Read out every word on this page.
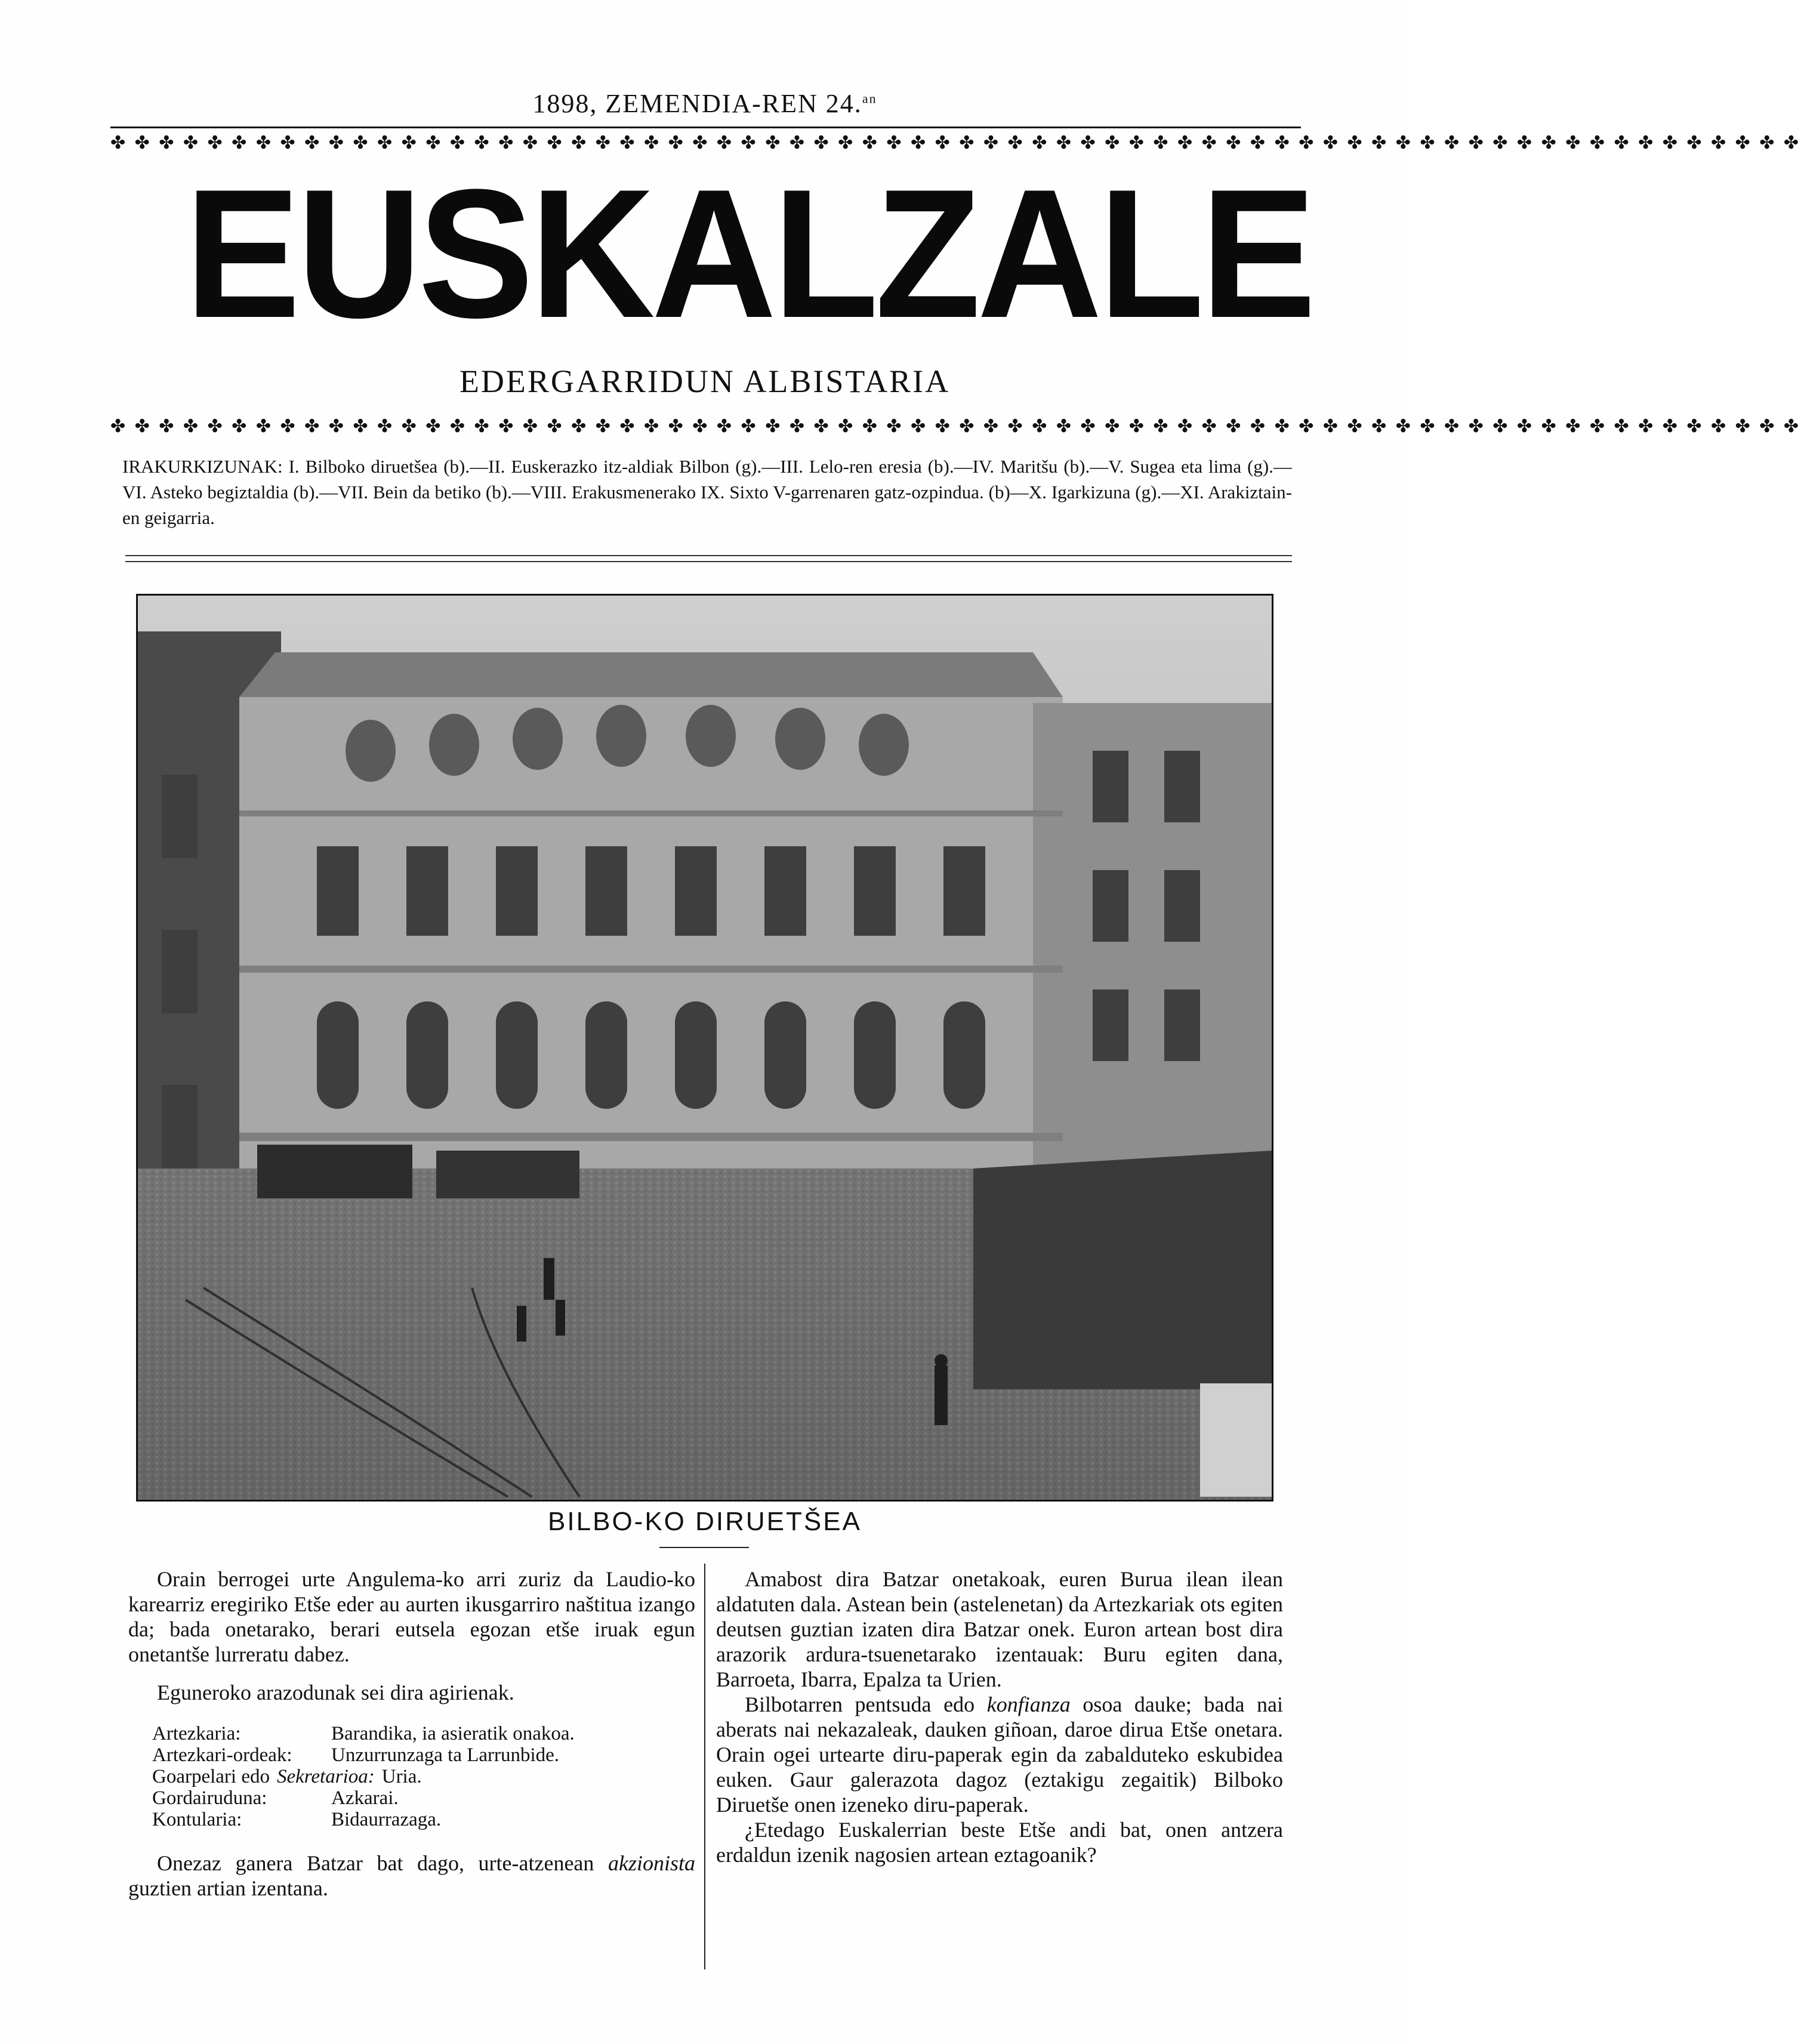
1898, ZEMENDIA-REN 24.$^{an}$
✤ ✤ ✤ ✤ ✤ ✤ ✤ ✤ ✤ ✤ ✤ ✤ ✤ ✤ ✤ ✤ ✤ ✤ ✤ ✤ ✤ ✤ ✤ ✤ ✤ ✤ ✤ ✤ ✤ ✤ ✤ ✤ ✤ ✤ ✤ ✤ ✤ ✤ ✤ ✤ ✤ ✤ ✤ ✤ ✤ ✤ ✤ ✤ ✤ ✤ ✤ ✤ ✤ ✤ ✤ ✤ ✤ ✤ ✤ ✤ ✤ ✤ ✤ ✤ ✤ ✤ ✤ ✤ ✤ ✤
EUSKALZALE
EDERGARRIDUN ALBISTARIA
✤ ✤ ✤ ✤ ✤ ✤ ✤ ✤ ✤ ✤ ✤ ✤ ✤ ✤ ✤ ✤ ✤ ✤ ✤ ✤ ✤ ✤ ✤ ✤ ✤ ✤ ✤ ✤ ✤ ✤ ✤ ✤ ✤ ✤ ✤ ✤ ✤ ✤ ✤ ✤ ✤ ✤ ✤ ✤ ✤ ✤ ✤ ✤ ✤ ✤ ✤ ✤ ✤ ✤ ✤ ✤ ✤ ✤ ✤ ✤ ✤ ✤ ✤ ✤ ✤ ✤ ✤ ✤ ✤ ✤
IRAKURKIZUNAK: I. Bilboko diruetšea (b).—II. Euskerazko itz-aldiak Bilbon (g).—III. Lelo-ren eresia (b).—IV. Maritšu (b).—V. Sugea eta lima (g).—VI. Asteko begiztaldia (b).—VII. Bein da betiko (b).—VIII. Erakusmenerako IX. Sixto V-garrenaren gatz-ozpindua. (b)—X. Igarkizuna (g).—XI. Arakiztain-en geigarria.
BILBO-KO DIRUETŠEA

Orain berrogei urte Angulema-ko arri zuriz da Laudio-ko karearriz eregiriko Etše eder au aurten ikusgarriro naštitua izango da; bada onetarako, berari eutsela egozan etše iruak egun onetantše lurreratu dabez.

Eguneroko arazodunak sei dira agirienak.

Artezkaria:	Barandika, ia asieratik onakoa.
Artezkari-ordeak:	Unzurrunzaga ta Larrunbide.
Goarpelari edo Sekretarioa: Uria.
Gordairuduna:	Azkarai.
Kontularia:	Bidaurrazaga.

Onezaz ganera Batzar bat dago, urte-atzenean akzionista guztien artian izentana.

Amabost dira Batzar onetakoak, euren Burua ilean ilean aldatuten dala. Astean bein (astelenetan) da Artezkariak ots egiten deutsen guztian izaten dira Batzar onek. Euron artean bost dira arazorik ardura-tsuenetarako izentauak: Buru egiten dana, Barroeta, Ibarra, Epalza ta Urien.

Bilbotarren pentsuda edo konfianza osoa dauke; bada nai aberats nai nekazaleak, dauken giñoan, daroe dirua Etše onetara. Orain ogei urtearte diru-paperak egin da zabalduteko eskubidea euken. Gaur galerazota dagoz (eztakigu zegaitik) Bilboko Diruetše onen izeneko diru-paperak.

¿Etedago Euskalerrian beste Etše andi bat, onen antzera erdaldun izenik nagosien artean eztagoanik?
